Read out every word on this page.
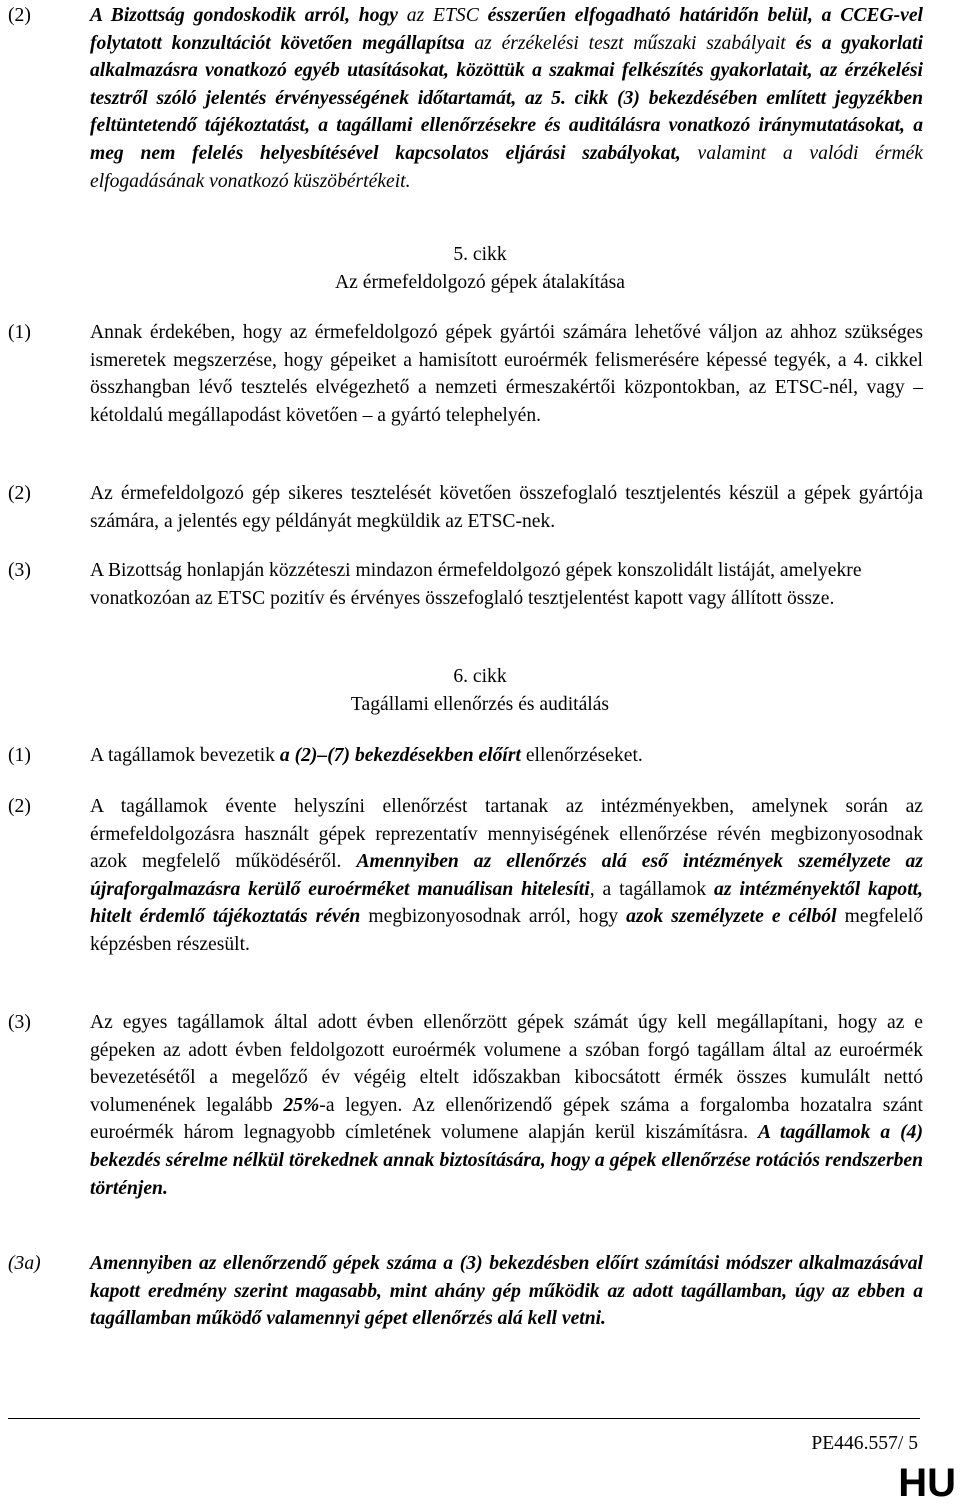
(2)	A Bizottság gondoskodik arról, hogy az ETSC ésszerűen elfogadható határidőn belül, a CCEG-vel folytatott konzultációt követően megállapítsa az érzékelési teszt műszaki szabályait és a gyakorlati alkalmazásra vonatkozó egyéb utasításokat, közöttük a szakmai felkészítés gyakorlatait, az érzékelési tesztről szóló jelentés érvényességének időtartamát, az 5. cikk (3) bekezdésében említett jegyzékben feltüntetendő tájékoztatást, a tagállami ellenőrzésekre és auditálásra vonatkozó iránymutatásokat, a meg nem felelés helyesbítésével kapcsolatos eljárási szabályokat, valamint a valódi érmék elfogadásának vonatkozó küszöbértékeit.
5. cikk
Az érmefeldolgozó gépek átalakítása
(1)	Annak érdekében, hogy az érmefeldolgozó gépek gyártói számára lehetővé váljon az ahhoz szükséges ismeretek megszerzése, hogy gépeiket a hamisított euroérmék felismerésére képessé tegyék, a 4. cikkel összhangban lévő tesztelés elvégezhető a nemzeti érmeszakértői központokban, az ETSC-nél, vagy – kétoldalú megállapodást követően – a gyártó telephelyén.
(2)	Az érmefeldolgozó gép sikeres tesztelését követően összefoglaló tesztjelentés készül a gépek gyártója számára, a jelentés egy példányát megküldik az ETSC-nek.
(3)	A Bizottság honlapján közzéteszi mindazon érmefeldolgozó gépek konszolidált listáját, amelyekre vonatkozóan az ETSC pozitív és érvényes összefoglaló tesztjelentést kapott vagy állított össze.
6. cikk
Tagállami ellenőrzés és auditálás
(1)	A tagállamok bevezetik a (2)–(7) bekezdésekben előírt ellenőrzéseket.
(2)	A tagállamok évente helyszíni ellenőrzést tartanak az intézményekben, amelynek során az érmefeldolgozásra használt gépek reprezentatív mennyiségének ellenőrzése révén megbizonyosodnak azok megfelelő működéséről. Amennyiben az ellenőrzés alá eső intézmények személyzete az újraforgalmazásra kerülő euroérméket manuálisan hitelesíti, a tagállamok az intézményektől kapott, hitelt érdemlő tájékoztatás révén megbizonyosodnak arról, hogy azok személyzete e célból megfelelő képzésben részesült.
(3)	Az egyes tagállamok által adott évben ellenőrzött gépek számát úgy kell megállapítani, hogy az e gépeken az adott évben feldolgozott euroérmék volumene a szóban forgó tagállam által az euroérmék bevezetésétől a megelőző év végéig eltelt időszakban kibocsátott érmék összes kumulált nettó volumenének legalább 25%-a legyen. Az ellenőrizendő gépek száma a forgalomba hozatalra szánt euroérmék három legnagyobb címletének volumene alapján kerül kiszámításra. A tagállamok a (4) bekezdés sérelme nélkül törekednek annak biztosítására, hogy a gépek ellenőrzése rotációs rendszerben történjen.
(3a)	Amennyiben az ellenőrzendő gépek száma a (3) bekezdésben előírt számítási módszer alkalmazásával kapott eredmény szerint magasabb, mint ahány gép működik az adott tagállamban, úgy az ebben a tagállamban működő valamennyi gépet ellenőrzés alá kell vetni.
PE446.557/ 5
HU
